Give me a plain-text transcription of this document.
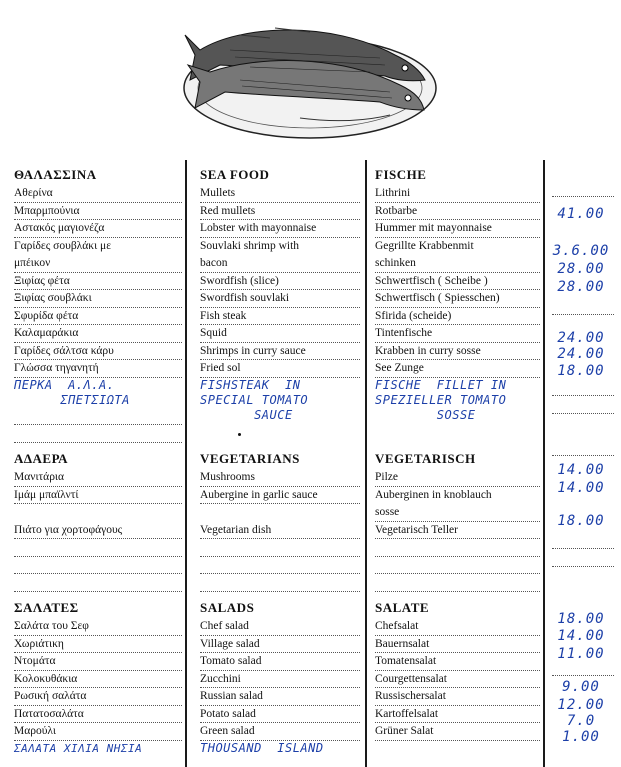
ΘΑΛΑΣΣΙΝΑ
Αθερίνα
Μπαρμπούνια
Αστακός μαγιονέζα
Γαρίδες σουβλάκι με
μπέικον
Ξιφίας φέτα
Ξιφίας σουβλάκι
Σφυρίδα φέτα
Καλαμαράκια
Γαρίδες σάλτσα κάρυ
Γλώσσα τηγανητή
ΠΕΡΚΑ  Α.Λ.Α.
ΣΠΕΤΣΙΩΤΑ
ΑΔΑΕΡΑ
Μανιτάρια
Ιμάμ μπαϊλντί
Πιάτο για χορτοφάγους
ΣΑΛΑΤΕΣ
Σαλάτα του Σεφ
Χωριάτικη
Ντομάτα
Κολοκυθάκια
Ρωσική σαλάτα
Πατατοσαλάτα
Μαρούλι
ΣΑΛΑΤΑ ΧΙΛΙΑ ΝΗΣΙΑ
SEA FOOD
Mullets
Red mullets
Lobster with mayonnaise
Souvlaki shrimp with
bacon
Swordfish (slice)
Swordfish souvlaki
Fish steak
Squid
Shrimps in curry sauce
Fried sol
FISHSTEAK  IN
SPECIAL TOMATO
SAUCE
VEGETARIANS
Mushrooms
Aubergine in garlic sauce
Vegetarian dish
SALADS
Chef salad
Village salad
Tomato salad
Zucchini
Russian salad
Potato salad
Green salad
THOUSAND  ISLAND
FISCHE
Lithrini
Rotbarbe
Hummer mit mayonnaise
Gegrillte Krabbenmit
schinken
Schwertfisch ( Scheibe )
Schwertfisch ( Spiesschen)
Sfirida (scheide)
Tintenfische
Krabben in curry sosse
See Zunge
FISCHE  FILLET IN
SPEZIELLER TOMATO
SOSSE
VEGETARISCH
Pilze
Auberginen in knoblauch
sosse
Vegetarisch Teller
SALATE
Chefsalat
Bauernsalat
Tomatensalat
Courgettensalat
Russischersalat
Kartoffelsalat
Grüner Salat
41.00
3.6.00
28.00
28.00
24.00
24.00
18.00
14.00
14.00
18.00
18.00
14.00
11.00
9.00
12.00
7.0
1.00
